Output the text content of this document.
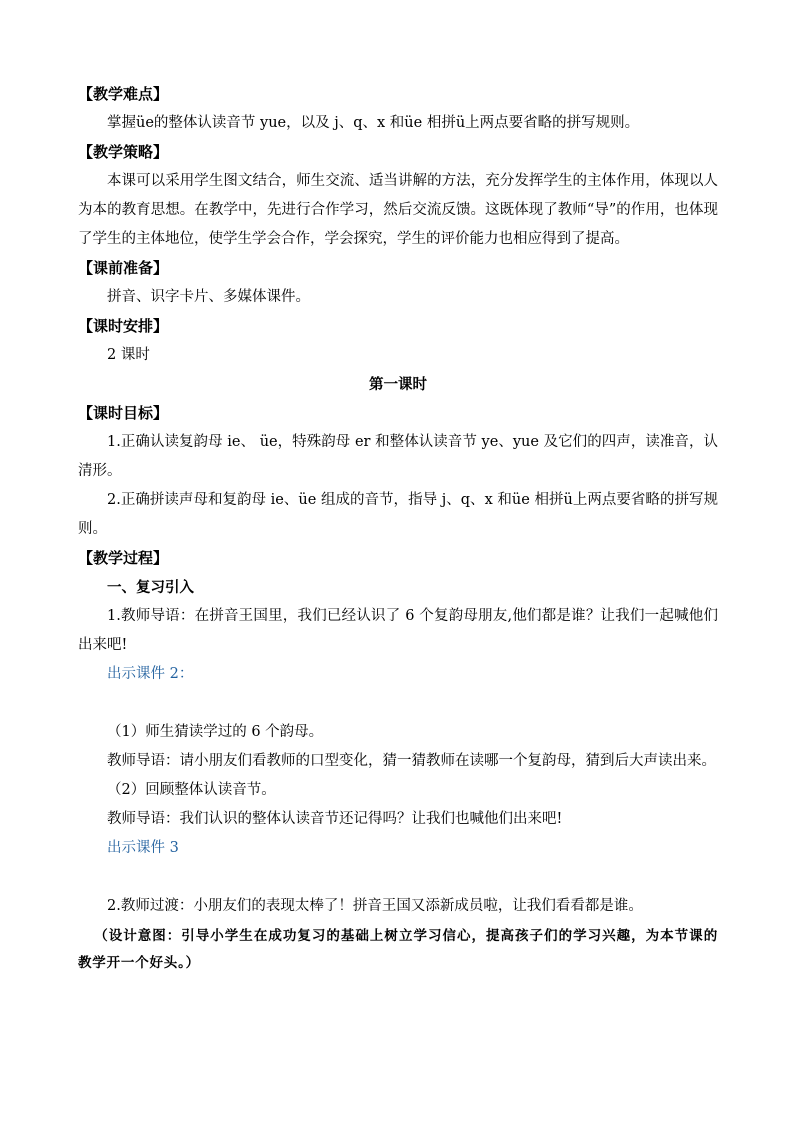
【教学难点】

掌握üe的整体认读音节 yue，以及 j、q、x 和üe 相拼ü上两点要省略的拼写规则。

【教学策略】

本课可以采用学生图文结合，师生交流、适当讲解的方法，充分发挥学生的主体作用，体现以人为本的教育思想。在教学中，先进行合作学习，然后交流反馈。这既体现了教师“导”的作用，也体现了学生的主体地位，使学生学会合作，学会探究，学生的评价能力也相应得到了提高。

【课前准备】

拼音、识字卡片、多媒体课件。

【课时安排】

2 课时

第一课时

【课时目标】

1.正确认读复韵母 ie、 üe，特殊韵母 er 和整体认读音节 ye、yue 及它们的四声，读准音，认清形。

2.正确拼读声母和复韵母 ie、üe 组成的音节，指导 j、q、x 和üe 相拼ü上两点要省略的拼写规则。

【教学过程】

一、复习引入

1.教师导语：在拼音王国里，我们已经认识了 6 个复韵母朋友,他们都是谁？让我们一起喊他们出来吧!

出示课件 2：

（1）师生猜读学过的 6 个韵母。

教师导语：请小朋友们看教师的口型变化，猜一猜教师在读哪一个复韵母，猜到后大声读出来。

（2）回顾整体认读音节。

教师导语：我们认识的整体认读音节还记得吗？让我们也喊他们出来吧!

出示课件 3

2.教师过渡：小朋友们的表现太棒了！拼音王国又添新成员啦，让我们看看都是谁。

（设计意图：引导小学生在成功复习的基础上树立学习信心，提高孩子们的学习兴趣，为本节课的教学开一个好头。）
